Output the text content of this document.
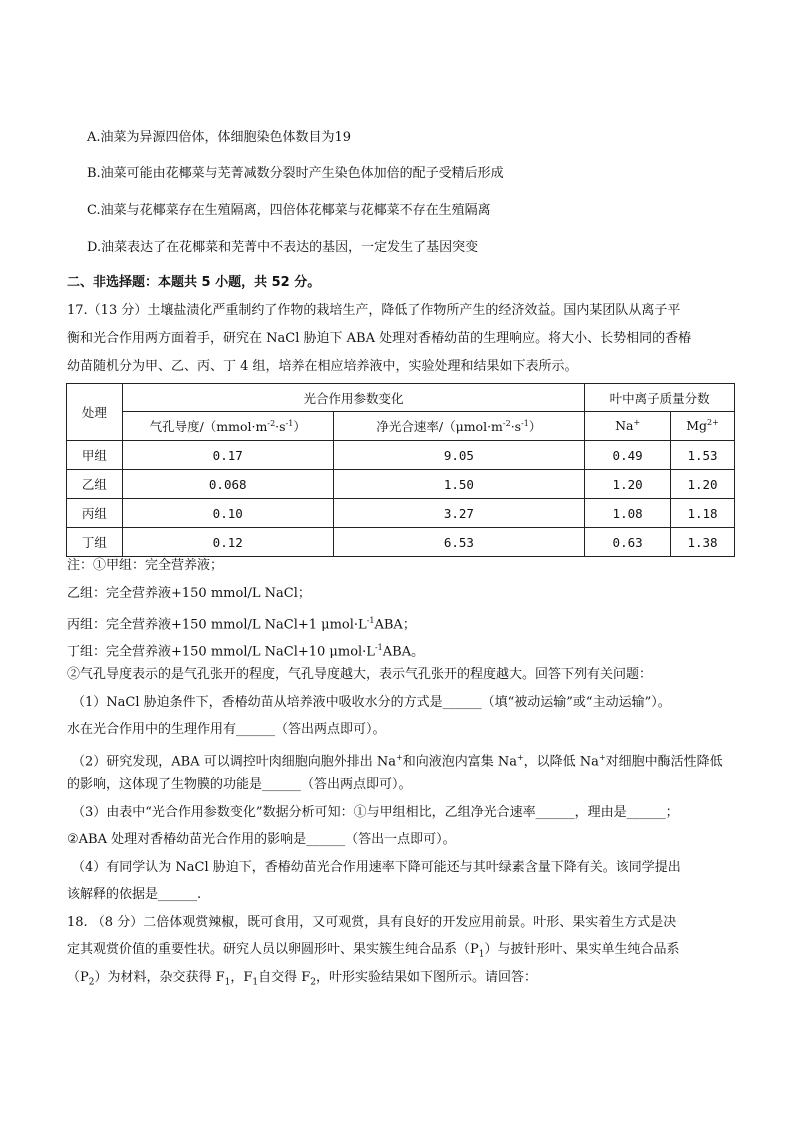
A.油菜为异源四倍体，体细胞染色体数目为19
B.油菜可能由花椰菜与芜菁减数分裂时产生染色体加倍的配子受精后形成
C.油菜与花椰菜存在生殖隔离，四倍体花椰菜与花椰菜不存在生殖隔离
D.油菜表达了在花椰菜和芜菁中不表达的基因，一定发生了基因突变
二、非选择题：本题共 5 小题，共 52 分。
17.（13 分）土壤盐渍化严重制约了作物的栽培生产，降低了作物所产生的经济效益。国内某团队从离子平
衡和光合作用两方面着手，研究在 NaCl 胁迫下 ABA 处理对香椿幼苗的生理响应。将大小、长势相同的香椿
幼苗随机分为甲、乙、丙、丁 4 组，培养在相应培养液中，实验处理和结果如下表所示。
处理	光合作用参数变化		叶中离子质量分数	
	气孔导度$/(mmol\cdot m^{-2}\cdot s^{-1})$	净光合速率$/(\mu mol\cdot m^{-2}\cdot s^{-1})$	Na+	$Mg^{2+}$
甲组	0.17	9.05	0.49	1.53
乙组	0.068	1.50	1.20	1.20
丙组	0.10	3.27	1.08	1.18
丁组	0.12	6.53	0.63	1.38
注：①甲组：完全营养液；
乙组：完全营养液+150 mmol/L NaCl；
丙组：完全营养液+150 mmol/L NaCl+1 $\mu mol\cdot L^{-1}ABA$；
丁组：完全营养液+150 mmol/L NaCl+10 $\mu mol\cdot L^{-1}ABA$。
②气孔导度表示的是气孔张开的程度，气孔导度越大，表示气孔张开的程度越大。回答下列有关问题：
（1）NaCl 胁迫条件下，香椿幼苗从培养液中吸收水分的方式是______（填“被动运输”或“主动运输”）。
水在光合作用中的生理作用有______（答出两点即可）。
（2）研究发现，ABA 可以调控叶肉细胞向胞外排出 Na+和向液泡内富集 Na+，以降低 Na+对细胞中酶活性降低
的影响，这体现了生物膜的功能是______（答出两点即可）。
（3）由表中“光合作用参数变化”数据分析可知：①与甲组相比，乙组净光合速率______，理由是______；
②ABA 处理对香椿幼苗光合作用的影响是______（答出一点即可）。
（4）有同学认为 NaCl 胁迫下，香椿幼苗光合作用速率下降可能还与其叶绿素含量下降有关。该同学提出
该解释的依据是______.
18. （8 分）二倍体观赏辣椒，既可食用，又可观赏，具有良好的开发应用前景。叶形、果实着生方式是决
定其观赏价值的重要性状。研究人员以卵圆形叶、果实簇生纯合品系$(P_1)$与披针形叶、果实单生纯合品系
$(P_2)$为材料，杂交获得 $F_1$，$F_1$自交得 $F_2$，叶形实验结果如下图所示。请回答：
